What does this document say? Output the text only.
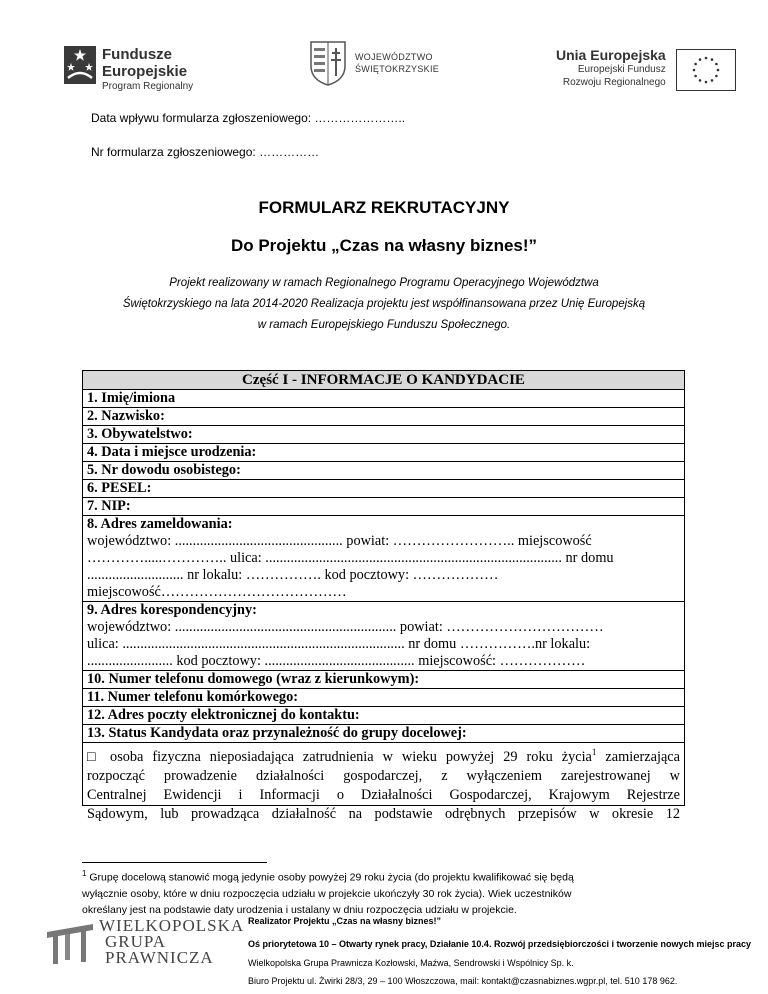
Fundusze
Europejskie
Program Regionalny
WOJEWÓDZTWO
ŚWIĘTOKRZYSKIE
Unia Europejska
Europejski Fundusz
Rozwoju Regionalnego
Data wpływu formularza zgłoszeniowego: …………………..
Nr formularza zgłoszeniowego: ……………
FORMULARZ REKRUTACYJNY
Do Projektu „Czas na własny biznes!”
Projekt realizowany w ramach Regionalnego Programu Operacyjnego Województwa
Świętokrzyskiego na lata 2014-2020 Realizacja projektu jest współfinansowana przez Unię Europejską
w ramach Europejskiego Funduszu Społecznego.
Część I - INFORMACJE O KANDYDACIE
1. Imię/imiona
2. Nazwisko:
3. Obywatelstwo:
4. Data i miejsce urodzenia:
5. Nr dowodu osobistego:
6. PESEL:
7. NIP:
8. Adres zameldowania:
województwo: ............................................... powiat: …………………….. miejscowość
………….....………….. ulica: ................................................................................... nr domu
........................... nr lokalu: ……………. kod pocztowy: ………………
miejscowość…………………………………
9. Adres korespondencyjny:
województwo: .............................................................. powiat: ……………………………
ulica: ............................................................................... nr domu …………….nr lokalu:
........................ kod pocztowy: .......................................... miejscowość: ………………
10. Numer telefonu domowego (wraz z kierunkowym):
11. Numer telefonu komórkowego:
12. Adres poczty elektronicznej do kontaktu:
13. Status Kandydata oraz przynależność do grupy docelowej:
□ osoba fizyczna nieposiadająca zatrudnienia w wieku powyżej 29 roku życia$^1$ zamierzająca
rozpocząć prowadzenie działalności gospodarczej, z wyłączeniem zarejestrowanej w
Centralnej Ewidencji i Informacji o Działalności Gospodarczej, Krajowym Rejestrze
Sądowym, lub prowadząca działalność na podstawie odrębnych przepisów w okresie 12
$^1$ Grupę docelową stanowić mogą jedynie osoby powyżej 29 roku życia (do projektu kwalifikować się będą
wyłącznie osoby, które w dniu rozpoczęcia udziału w projekcie ukończyły 30 rok życia). Wiek uczestników
określany jest na podstawie daty urodzenia i ustalany w dniu rozpoczęcia udziału w projekcie.
WIELKOPOLSKA
GRUPA
PRAWNICZA
Realizator Projektu „Czas na własny biznes!”
Oś priorytetowa 10 – Otwarty rynek pracy, Działanie 10.4. Rozwój przedsiębiorczości i tworzenie nowych miejsc pracy
Wielkopolska Grupa Prawnicza Kozłowski, Maźwa, Sendrowski i Wspólnicy Sp. k.
Biuro Projektu ul. Żwirki 28/3, 29 – 100 Włoszczowa, mail: kontakt@czasnabiznes.wgpr.pl, tel. 510 178 962.
